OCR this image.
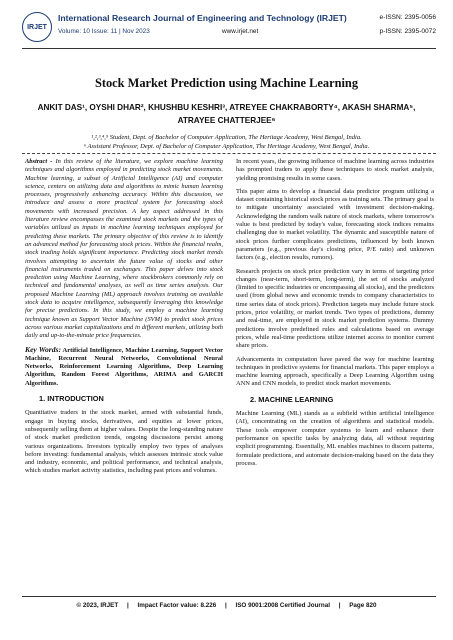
IRJET
International Research Journal of Engineering and Technology (IRJET)
Volume: 10 Issue: 11 | Nov 2023	www.irjet.net
e-ISSN: 2395-0056
p-ISSN: 2395-0072
Stock Market Prediction using Machine Learning
ANKIT DAS¹, OYSHI DHAR², KHUSHBU KESHRI³, ATREYEE CHAKRABORTY⁴, AKASH SHARMA⁵,
ATRAYEE CHATTERJEE⁶
¹,²,³,⁴,⁵ Student, Dept. of Bachelor of Computer Application, The Heritage Academy, West Bengal, India.
⁶ Assistant Professor, Dept. of Bachelor of Computer Application, The Heritage Academy, West Bengal, India.

Abstract - In this review of the literature, we explore machine learning techniques and algorithms employed in predicting stock market movements. Machine learning, a subset of Artificial Intelligence (AI) and computer science, centers on utilizing data and algorithms to mimic human learning processes, progressively enhancing accuracy. Within this discussion, we introduce and assess a more practical system for forecasting stock movements with increased precision. A key aspect addressed in this literature review encompasses the examined stock markets and the types of variables utilized as inputs in machine learning techniques employed for predicting these markets. The primary objective of this review is to identify an advanced method for forecasting stock prices. Within the financial realm, stock trading holds significant importance. Predicting stock market trends involves attempting to ascertain the future value of stocks and other financial instruments traded on exchanges. This paper delves into stock prediction using Machine Learning, where stockbrokers commonly rely on technical and fundamental analyses, as well as time series analysis. Our proposed Machine Learning (ML) approach involves training on available stock data to acquire intelligence, subsequently leveraging this knowledge for precise predictions. In this study, we employ a machine learning technique known as Support Vector Machine (SVM) to predict stock prices across various market capitalizations and in different markets, utilizing both daily and up-to-the-minute price frequencies.

Key Words: Artificial Intelligence, Machine Learning, Support Vector Machine, Recurrent Neural Networks, Convolutional Neural Networks, Reinforcement Learning Algorithms, Deep Learning Algorithm, Random Forest Algorithms, ARIMA and GARCH Algorithms.

1. INTRODUCTION

Quantitative traders in the stock market, armed with substantial funds, engage in buying stocks, derivatives, and equities at lower prices, subsequently selling them at higher values. Despite the long-standing nature of stock market prediction trends, ongoing discussions persist among various organizations. Investors typically employ two types of analyses before investing: fundamental analysis, which assesses intrinsic stock value and industry, economic, and political performance, and technical analysis, which studies market activity statistics, including past prices and volumes.

In recent years, the growing influence of machine learning across industries has prompted traders to apply these techniques to stock market analysis, yielding promising results in some cases.

This paper aims to develop a financial data predictor program utilizing a dataset containing historical stock prices as training sets. The primary goal is to mitigate uncertainty associated with investment decision-making. Acknowledging the random walk nature of stock markets, where tomorrow's value is best predicted by today's value, forecasting stock indices remains challenging due to market volatility. The dynamic and susceptible nature of stock prices further complicates predictions, influenced by both known parameters (e.g., previous day's closing price, P/E ratio) and unknown factors (e.g., election results, rumors).

Research projects on stock price prediction vary in terms of targeting price changes (near-term, short-term, long-term), the set of stocks analyzed (limited to specific industries or encompassing all stocks), and the predictors used (from global news and economic trends to company characteristics to time series data of stock prices). Prediction targets may include future stock prices, price volatility, or market trends. Two types of predictions, dummy and real-time, are employed in stock market prediction systems. Dummy predictions involve predefined rules and calculations based on average prices, while real-time predictions utilize internet access to monitor current share prices.

Advancements in computation have paved the way for machine learning techniques in predictive systems for financial markets. This paper employs a machine learning approach, specifically a Deep Learning Algorithm using ANN and CNN models, to predict stock market movements.

2. MACHINE LEARNING

Machine Learning (ML) stands as a subfield within artificial intelligence (AI), concentrating on the creation of algorithms and statistical models. These tools empower computer systems to learn and enhance their performance on specific tasks by analyzing data, all without requiring explicit programming. Essentially, ML enables machines to discern patterns, formulate predictions, and automate decision-making based on the data they process.

© 2023, IRJET     |     Impact Factor value: 8.226     |     ISO 9001:2008 Certified Journal     |     Page 820
